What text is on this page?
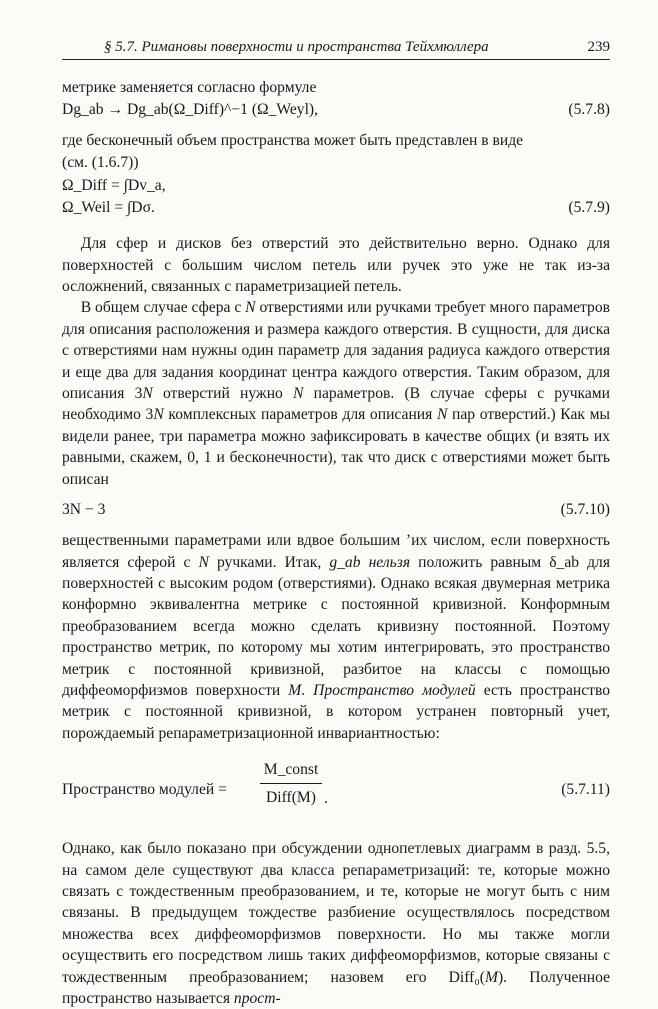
§ 5.7. Римановы поверхности и пространства Тейхмюллера	239

метрике заменяется согласно формуле

Dg_ab → Dg_ab(Ω_Diff)^−1 (Ω_Weyl),	(5.7.8)

где бесконечный объем пространства может быть представлен в виде

(см. (1.6.7))

Ω_Diff = ∫Dv_a,
Ω_Weil = ∫Dσ.	(5.7.9)

Для сфер и дисков без отверстий это действительно верно. Однако для поверхностей с большим числом петель или ручек это уже не так из-за осложнений, связанных с параметризацией петель.

В общем случае сфера с N отверстиями или ручками требует много параметров для описания расположения и размера каждого отверстия. В сущности, для диска с отверстиями нам нужны один параметр для задания радиуса каждого отверстия и еще два для задания координат центра каждого отверстия. Таким образом, для описания 3N отверстий нужно N параметров. (В случае сферы с ручками необходимо 3N комплексных параметров для описания N пар отверстий.) Как мы видели ранее, три параметра можно зафиксировать в качестве общих (и взять их равными, скажем, 0, 1 и бесконечности), так что диск с отверстиями может быть описан

3N − 3	(5.7.10)

вещественными параметрами или вдвое большим ʼих числом, если поверхность является сферой с N ручками. Итак, g_ab нельзя положить равным δ_ab для поверхностей с высоким родом (отверстиями). Однако всякая двумерная метрика конформно эквивалентна метрике с постоянной кривизной. Конформным преобразованием всегда можно сделать кривизну постоянной. Поэтому пространство метрик, по которому мы хотим интегрировать, это пространство метрик с постоянной кривизной, разбитое на классы с помощью диффеоморфизмов поверхности M. Пространство модулей есть пространство метрик с постоянной кривизной, в котором устранен повторный учет, порождаемый репараметризационной инвариантностью:

Пространство модулей =
M_const
Diff(M) .
(5.7.11)

Однако, как было показано при обсуждении однопетлевых диаграмм в разд. 5.5, на самом деле существуют два класса репараметризаций: те, которые можно связать с тождественным преобразованием, и те, которые не могут быть с ним связаны. В предыдущем тождестве разбиение осуществлялось посредством множества всех диффеоморфизмов поверхности. Но мы также могли осуществить его посредством лишь таких диффеоморфизмов, которые связаны с тождественным преобразованием; назовем его Diff₀(M). Полученное пространство называется прост-
